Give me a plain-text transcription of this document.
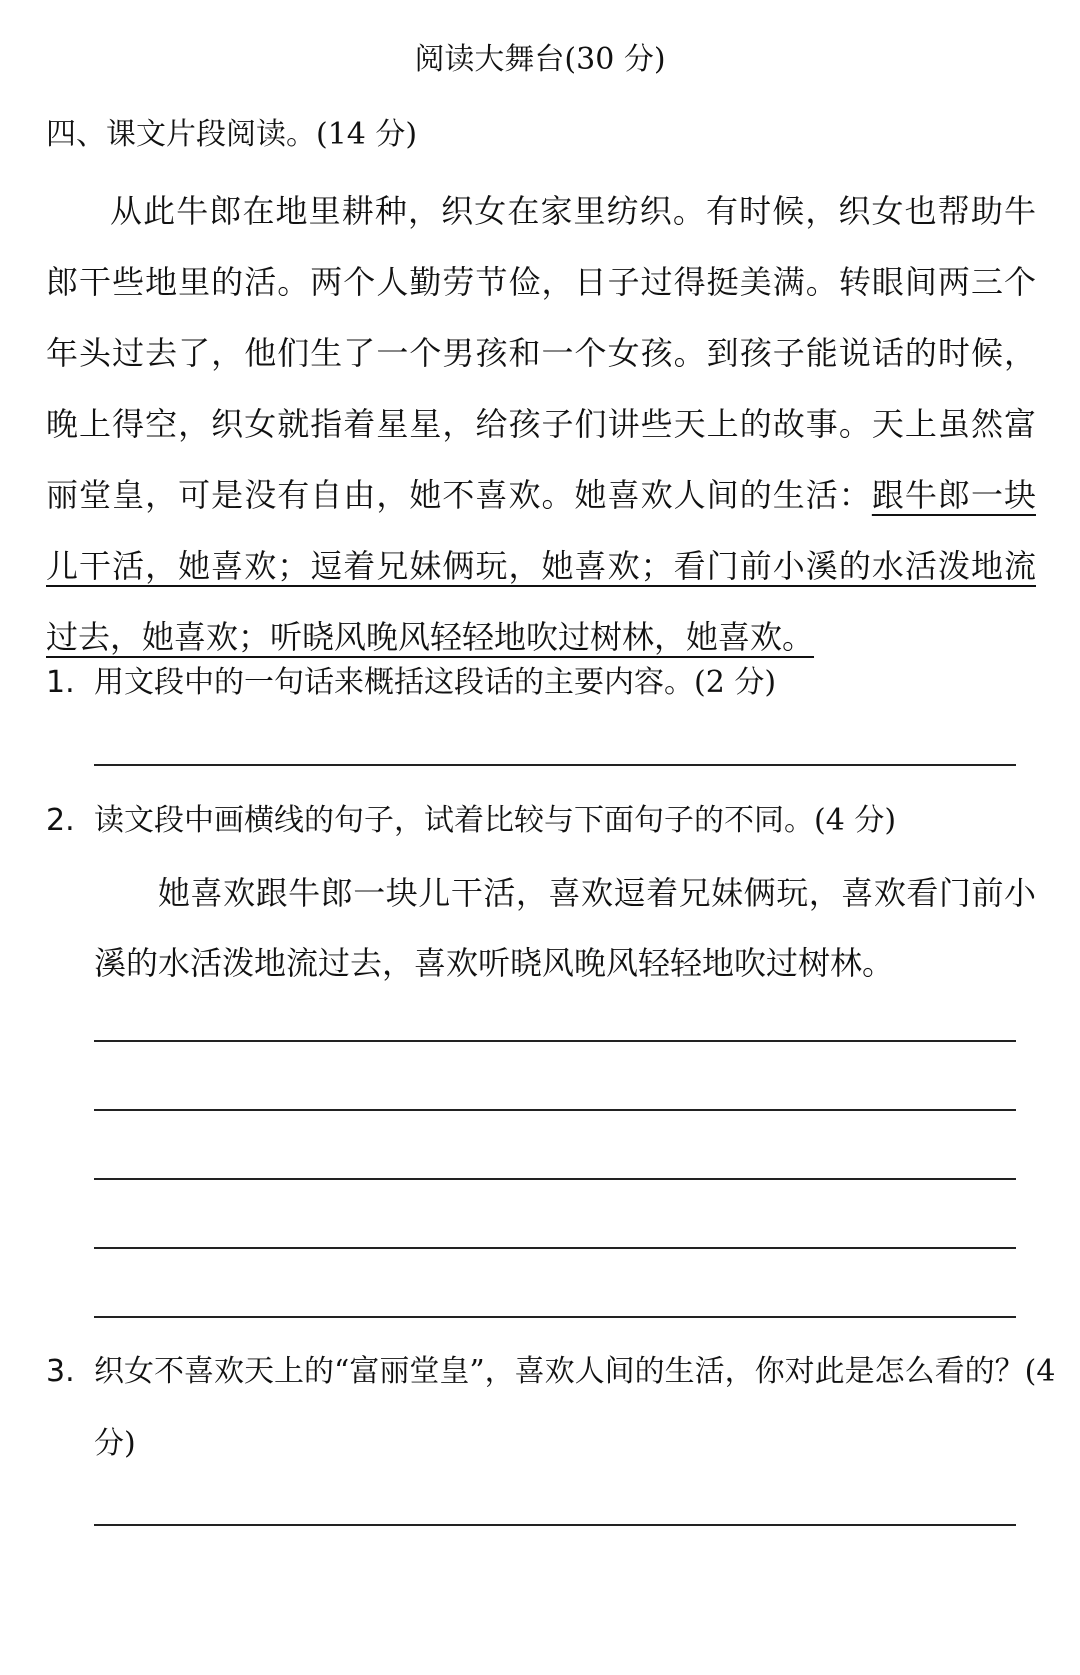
阅读大舞台(30 分)
四、课文片段阅读。(14 分)
从此牛郎在地里耕种，织女在家里纺织。有时候，织女也帮助牛郎干些地里的活。两个人勤劳节俭，日子过得挺美满。转眼间两三个年头过去了，他们生了一个男孩和一个女孩。到孩子能说话的时候，晚上得空，织女就指着星星，给孩子们讲些天上的故事。天上虽然富丽堂皇，可是没有自由，她不喜欢。她喜欢人间的生活：跟牛郎一块儿干活，她喜欢；逗着兄妹俩玩，她喜欢；看门前小溪的水活泼地流过去，她喜欢；听晓风晚风轻轻地吹过树林，她喜欢。
1. 用文段中的一句话来概括这段话的主要内容。(2 分)
2. 读文段中画横线的句子，试着比较与下面句子的不同。(4 分)
她喜欢跟牛郎一块儿干活，喜欢逗着兄妹俩玩，喜欢看门前小溪的水活泼地流过去，喜欢听晓风晚风轻轻地吹过树林。
3. 织女不喜欢天上的“富丽堂皇”，喜欢人间的生活，你对此是怎么看的？(4 分)
